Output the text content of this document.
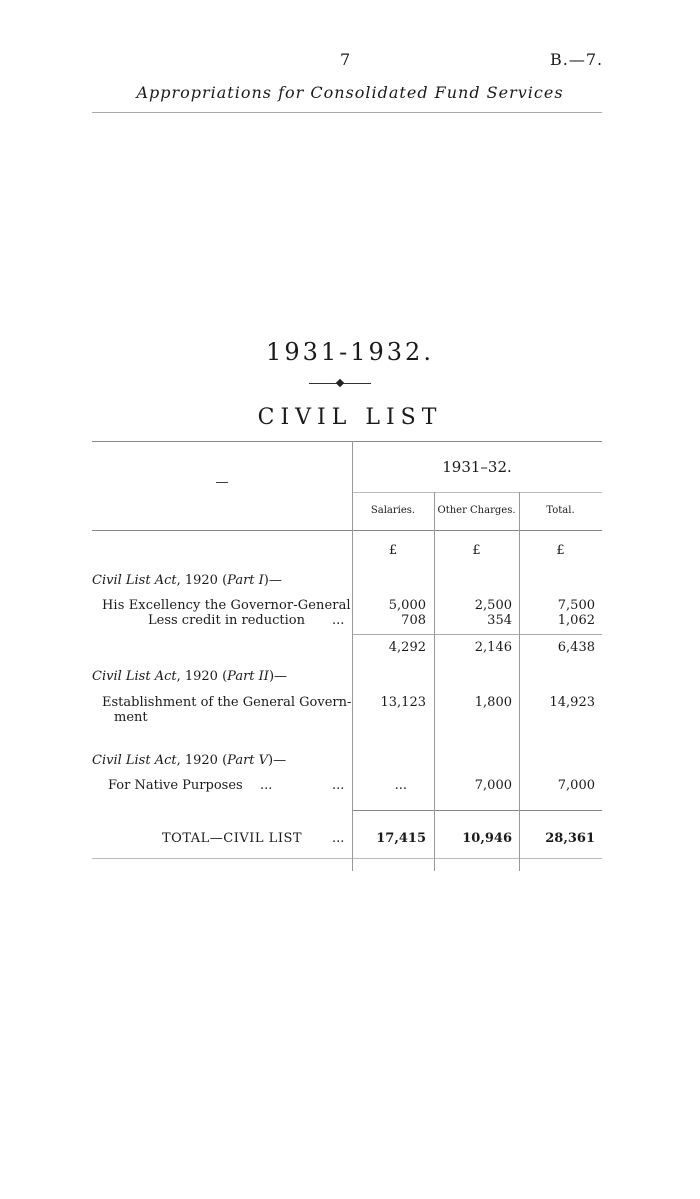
7	B.—7.
Appropriations for Consolidated Fund Services
1931-1932.
CIVIL LIST
—
1931–32.
Salaries.	Other Charges.	Total.
£	£	£
Civil List Act, 1920 (Part I)—
His Excellency the Governor-General	5,000	2,500	7,500
Less credit in reduction ...	708	354	1,062
4,292	2,146	6,438
Civil List Act, 1920 (Part II)—
Establishment of the General Govern-
ment
13,123	1,800	14,923
Civil List Act, 1920 (Part V)—
For Native Purposes ...	...	...	7,000	7,000
TOTAL—CIVIL LIST ...	17,415	10,946	28,361
